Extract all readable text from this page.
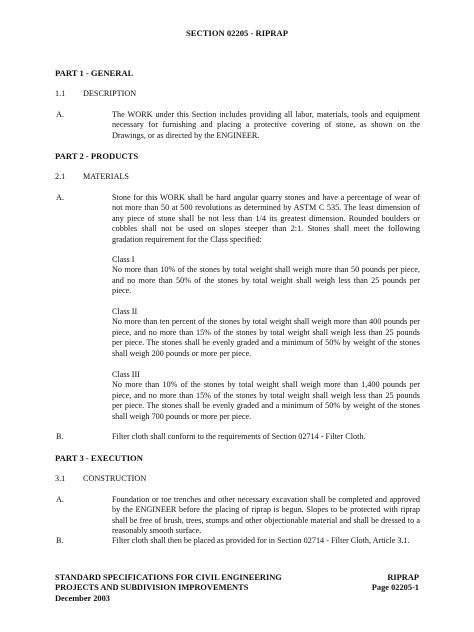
SECTION 02205 - RIPRAP
PART 1 - GENERAL
1.1 DESCRIPTION
A.	The WORK under this Section includes providing all labor, materials, tools and equipment necessary for furnishing and placing a protective covering of stone, as shown on the Drawings, or as directed by the ENGINEER.
PART 2 - PRODUCTS
2.1 MATERIALS
A.	Stone for this WORK shall be hard angular quarry stones and have a percentage of wear of not more than 50 at 500 revolutions as determined by ASTM C 535. The least dimension of any piece of stone shall be not less than 1/4 its greatest dimension. Rounded boulders or cobbles shall not be used on slopes steeper than 2:1. Stones shall meet the following gradation requirement for the Class specified:
Class I
No more than 10% of the stones by total weight shall weigh more than 50 pounds per piece, and no more than 50% of the stones by total weight shall weigh less than 25 pounds per piece.
Class II
No more than ten percent of the stones by total weight shall weigh more than 400 pounds per piece, and no more than 15% of the stones by total weight shall weigh less than 25 pounds per piece. The stones shall be evenly graded and a minimum of 50% by weight of the stones shall weigh 200 pounds or more per piece.
Class III
No more than 10% of the stones by total weight shall weigh more than 1,400 pounds per piece, and no more than 15% of the stones by total weight shall weigh less than 25 pounds per piece. The stones shall be evenly graded and a minimum of 50% by weight of the stones shall weigh 700 pounds or more per piece.
B.	Filter cloth shall conform to the requirements of Section 02714 - Filter Cloth.
PART 3 - EXECUTION
3.1 CONSTRUCTION
A.	Foundation or toe trenches and other necessary excavation shall be completed and approved by the ENGINEER before the placing of riprap is begun. Slopes to be protected with riprap shall be free of brush, trees, stumps and other objectionable material and shall be dressed to a reasonably smooth surface.
B.	Filter cloth shall then be placed as provided for in Section 02714 - Filter Cloth, Article 3.1.
STANDARD SPECIFICATIONS FOR CIVIL ENGINEERING
PROJECTS AND SUBDIVISION IMPROVEMENTS
December 2003
RIPRAP
Page 02205-1
